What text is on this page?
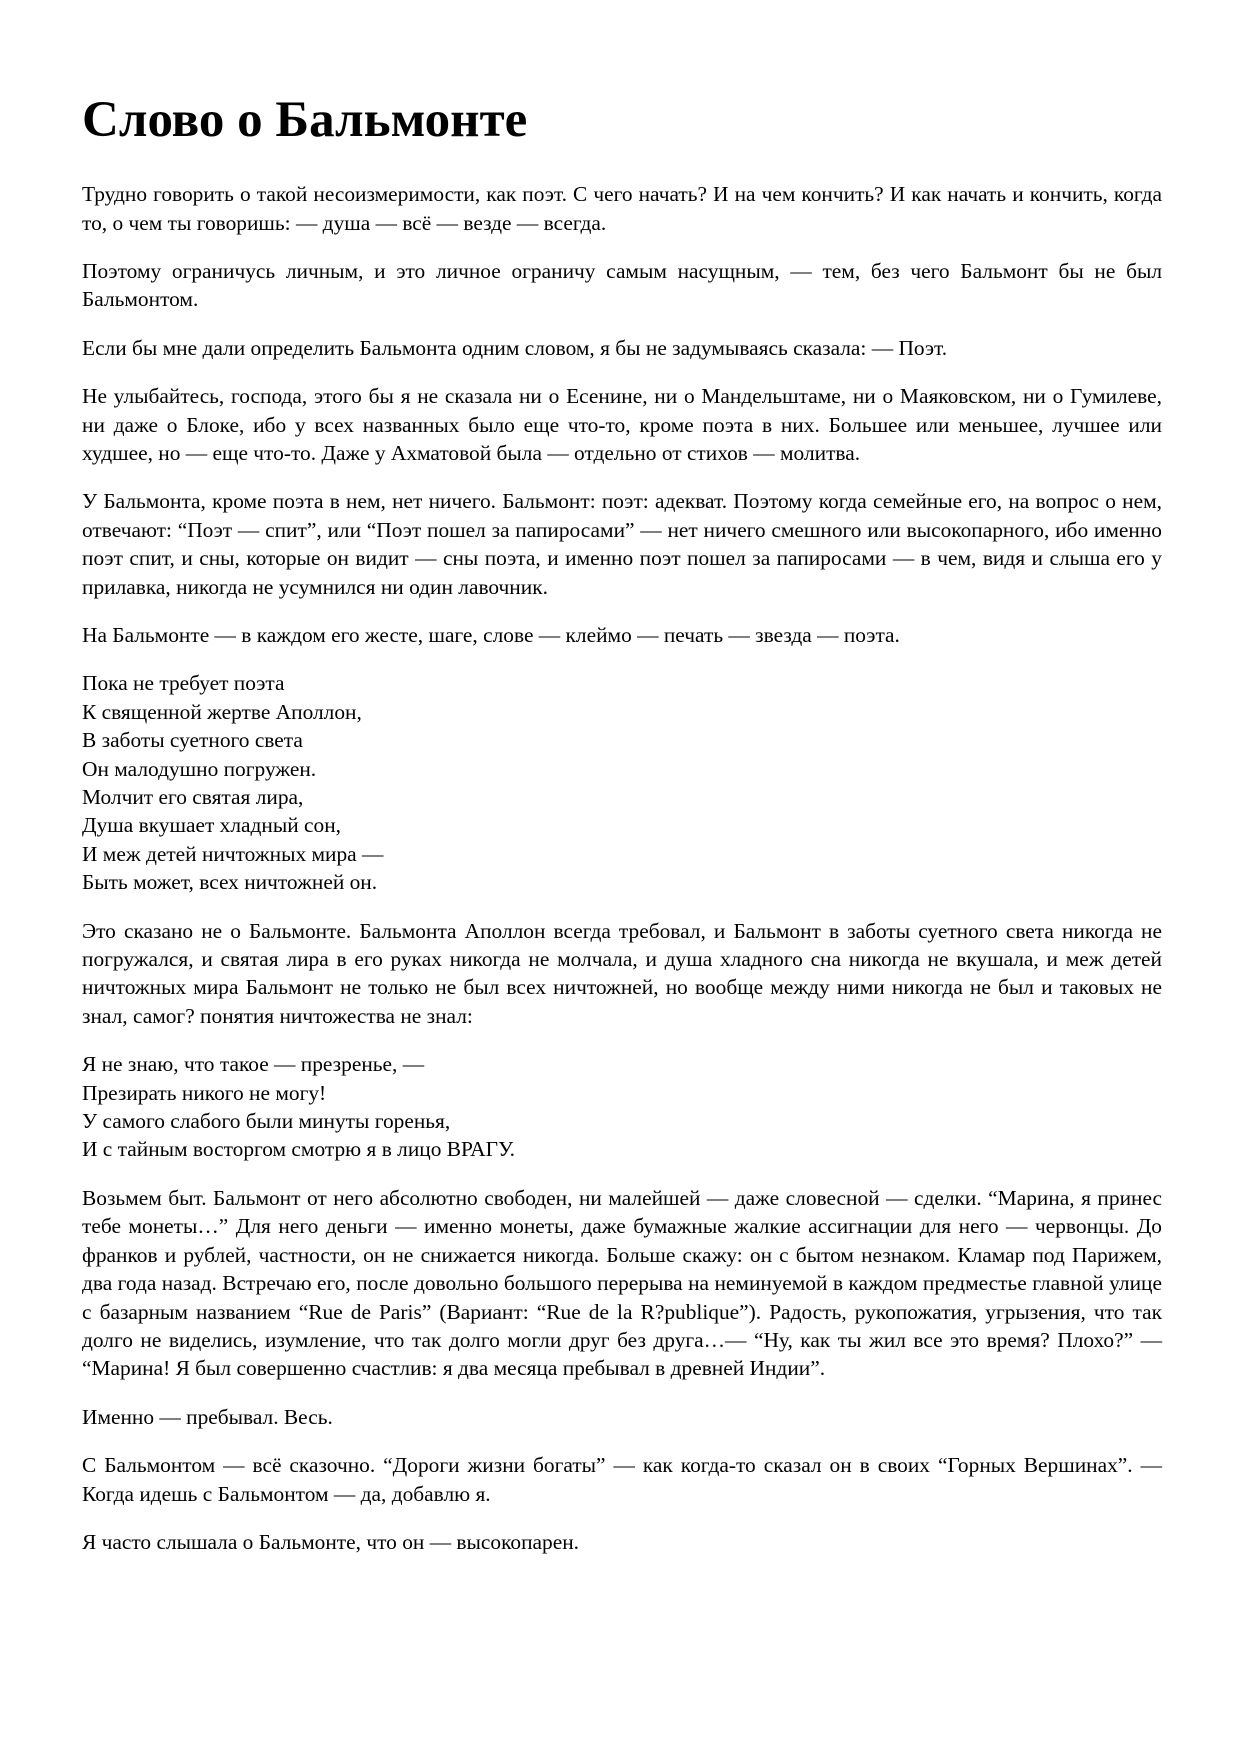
Слово о Бальмонте

Трудно говорить о такой несоизмеримости, как поэт. С чего начать? И на чем кончить? И как начать и кончить, когда то, о чем ты говоришь: — душа — всё — везде — всегда.

Поэтому ограничусь личным, и это личное ограничу самым насущным, — тем, без чего Бальмонт бы не был Бальмонтом.

Если бы мне дали определить Бальмонта одним словом, я бы не задумываясь сказала: — Поэт.

Не улыбайтесь, господа, этого бы я не сказала ни о Есенине, ни о Мандельштаме, ни о Маяковском, ни о Гумилеве, ни даже о Блоке, ибо у всех названных было еще что-то, кроме поэта в них. Большее или меньшее, лучшее или худшее, но — еще что-то. Даже у Ахматовой была — отдельно от стихов — молитва.

У Бальмонта, кроме поэта в нем, нет ничего. Бальмонт: поэт: адекват. Поэтому когда семейные его, на вопрос о нем, отвечают: “Поэт — спит”, или “Поэт пошел за папиросами” — нет ничего смешного или высокопарного, ибо именно поэт спит, и сны, которые он видит — сны поэта, и именно поэт пошел за папиросами — в чем, видя и слыша его у прилавка, никогда не усумнился ни один лавочник.

На Бальмонте — в каждом его жесте, шаге, слове — клеймо — печать — звезда — поэта.

Пока не требует поэта
К священной жертве Аполлон,
В заботы суетного света
Он малодушно погружен.
Молчит его святая лира,
Душа вкушает хладный сон,
И меж детей ничтожных мира —
Быть может, всех ничтожней он.

Это сказано не о Бальмонте. Бальмонта Аполлон всегда требовал, и Бальмонт в заботы суетного света никогда не погружался, и святая лира в его руках никогда не молчала, и душа хладного сна никогда не вкушала, и меж детей ничтожных мира Бальмонт не только не был всех ничтожней, но вообще между ними никогда не был и таковых не знал, самог? понятия ничтожества не знал:

Я не знаю, что такое — презренье, —
Презирать никого не могу!
У самого слабого были минуты горенья,
И с тайным восторгом смотрю я в лицо ВРАГУ.

Возьмем быт. Бальмонт от него абсолютно свободен, ни малейшей — даже словесной — сделки. “Марина, я принес тебе монеты…” Для него деньги — именно монеты, даже бумажные жалкие ассигнации для него — червонцы. До франков и рублей, частности, он не снижается никогда. Больше скажу: он с бытом незнаком. Кламар под Парижем, два года назад. Встречаю его, после довольно большого перерыва на неминуемой в каждом предместье главной улице с базарным названием “Rue de Paris” (Вариант: “Rue de la R?publique”). Радость, рукопожатия, угрызения, что так долго не виделись, изумление, что так долго могли друг без друга…— “Ну, как ты жил все это время? Плохо?” — “Марина! Я был совершенно счастлив: я два месяца пребывал в древней Индии”.

Именно — пребывал. Весь.

С Бальмонтом — всё сказочно. “Дороги жизни богаты” — как когда-то сказал он в своих “Горных Вершинах”. — Когда идешь с Бальмонтом — да, добавлю я.

Я часто слышала о Бальмонте, что он — высокопарен.
